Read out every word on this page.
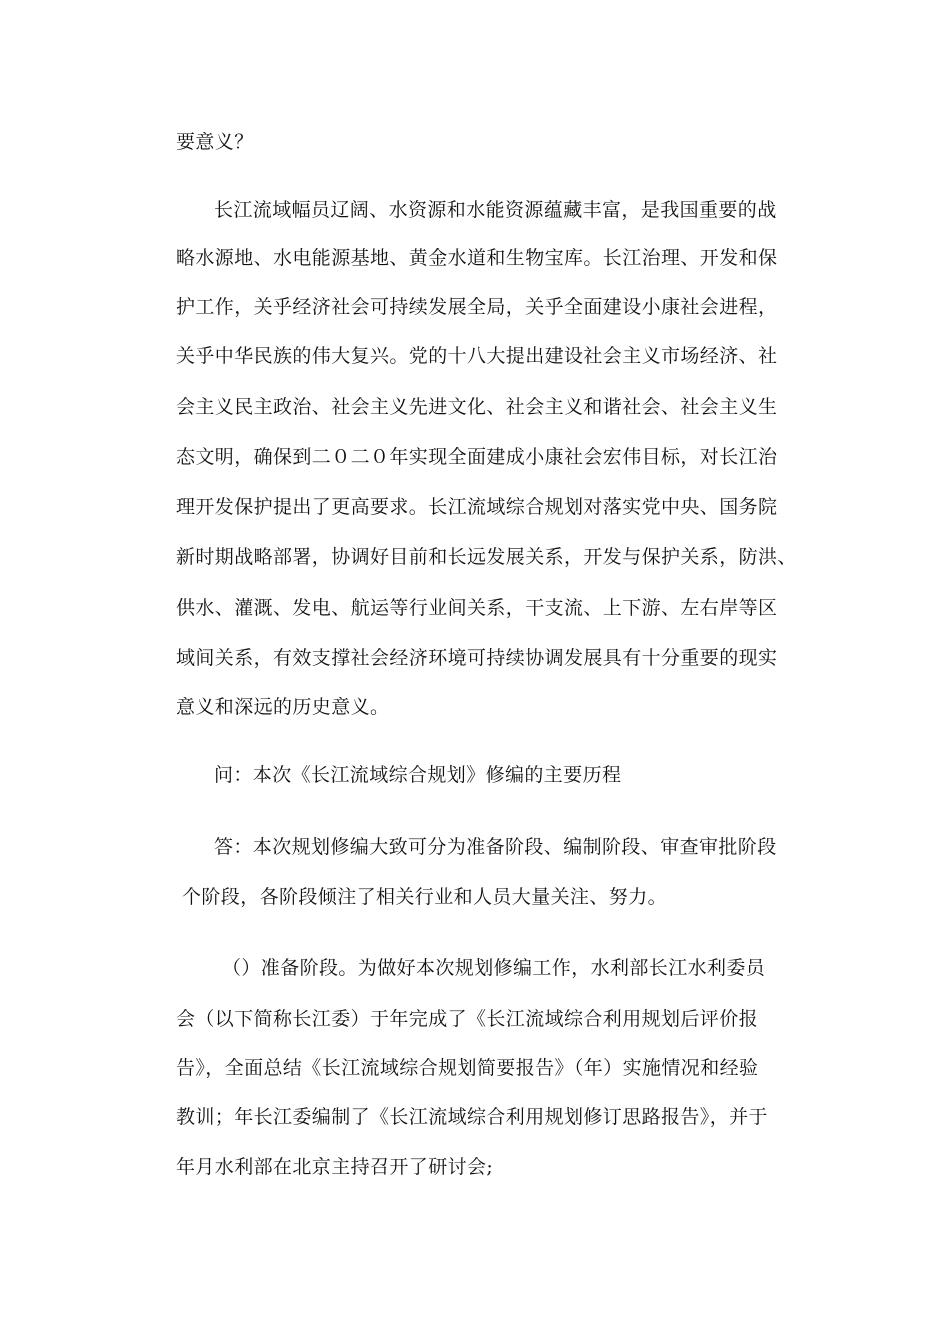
要意义？
长江流域幅员辽阔、水资源和水能资源蕴藏丰富，是我国重要的战
略水源地、水电能源基地、黄金水道和生物宝库。长江治理、开发和保
护工作，关乎经济社会可持续发展全局，关乎全面建设小康社会进程，
关乎中华民族的伟大复兴。党的十八大提出建设社会主义市场经济、社
会主义民主政治、社会主义先进文化、社会主义和谐社会、社会主义生
态文明，确保到二０二０年实现全面建成小康社会宏伟目标，对长江治
理开发保护提出了更高要求。长江流域综合规划对落实党中央、国务院
新时期战略部署，协调好目前和长远发展关系，开发与保护关系，防洪、
供水、灌溉、发电、航运等行业间关系，干支流、上下游、左右岸等区
域间关系，有效支撑社会经济环境可持续协调发展具有十分重要的现实
意义和深远的历史意义。
问：本次《长江流域综合规划》修编的主要历程
答：本次规划修编大致可分为准备阶段、编制阶段、审查审批阶段
个阶段，各阶段倾注了相关行业和人员大量关注、努力。
（）准备阶段。为做好本次规划修编工作，水利部长江水利委员
会（以下简称长江委）于年完成了《长江流域综合利用规划后评价报
告》，全面总结《长江流域综合规划简要报告》（年）实施情况和经验
教训；年长江委编制了《长江流域综合利用规划修订思路报告》，并于
年月水利部在北京主持召开了研讨会;
